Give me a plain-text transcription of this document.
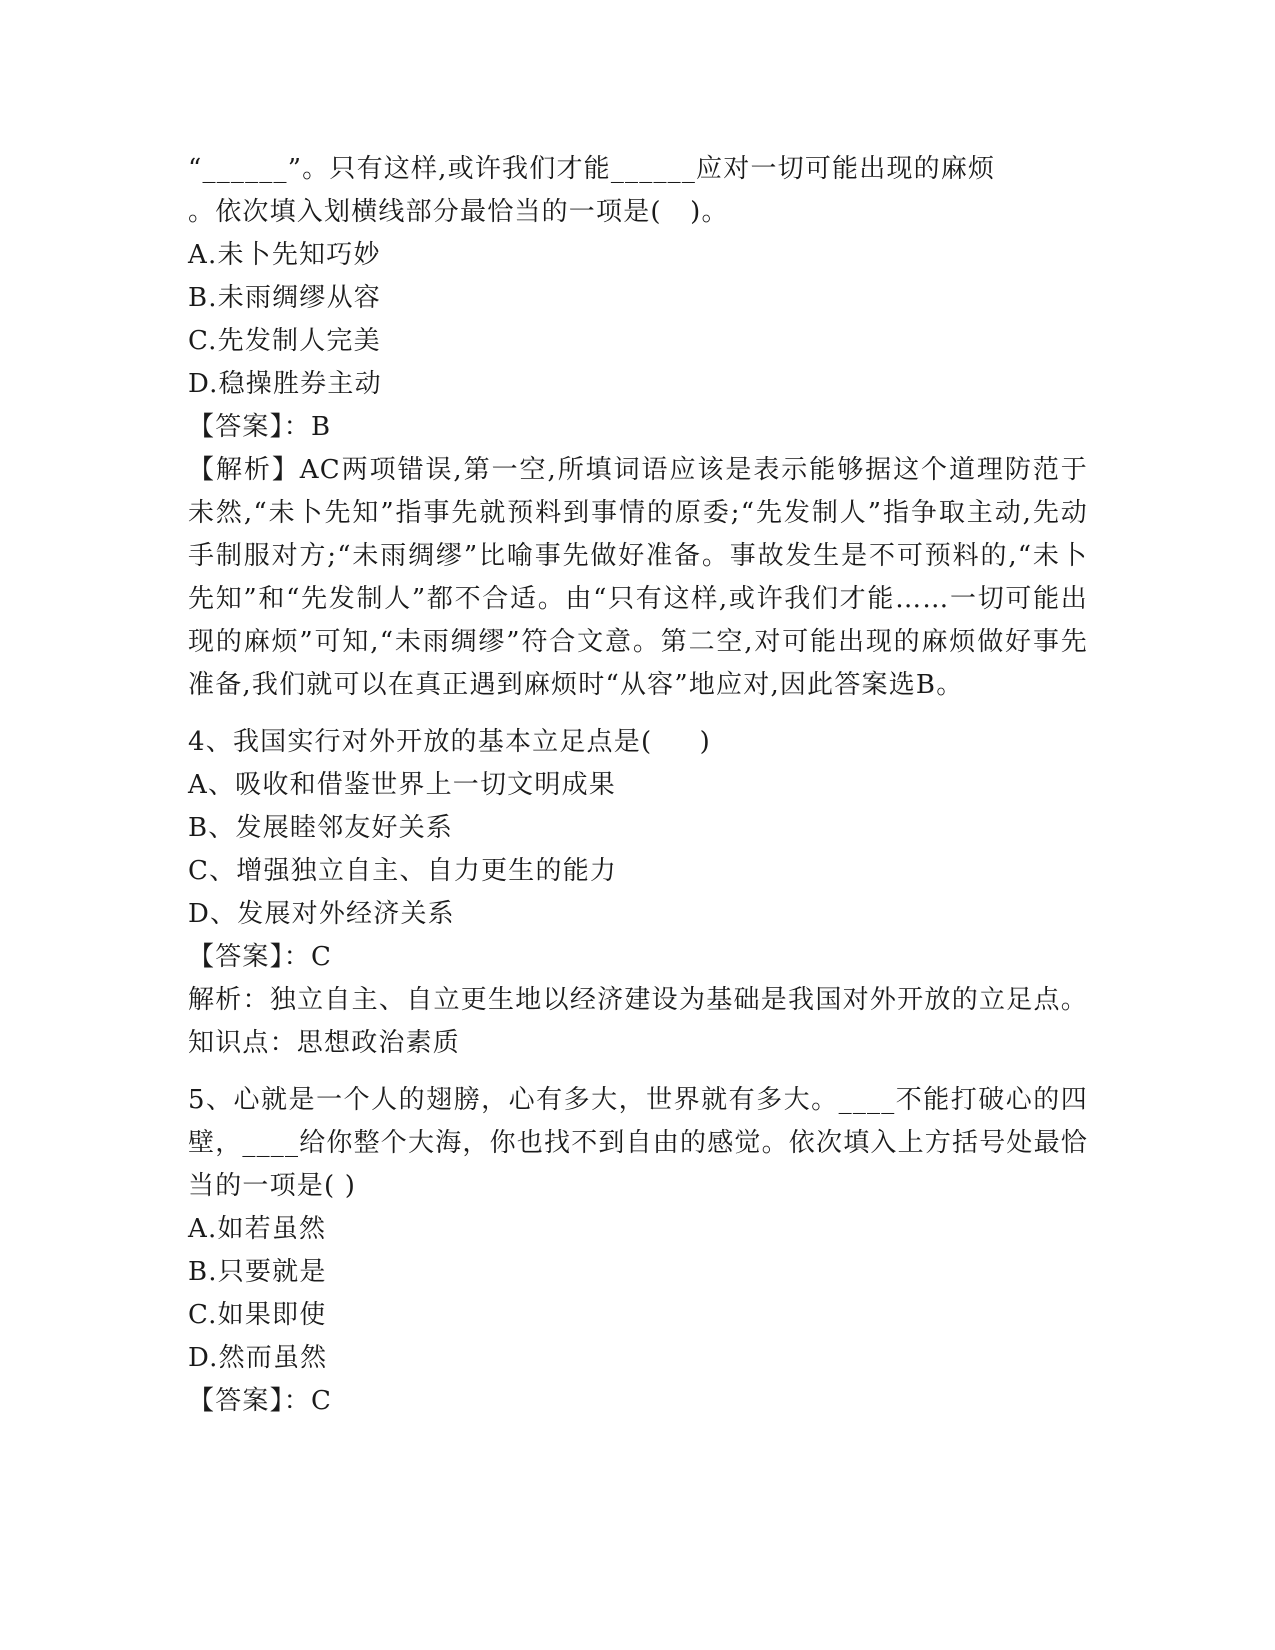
“______”。只有这样,或许我们才能______应对一切可能出现的麻烦

。依次填入划横线部分最恰当的一项是(   )。

A.未卜先知巧妙

B.未雨绸缪从容

C.先发制人完美

D.稳操胜券主动

【答案】：B

【解析】AC两项错误,第一空,所填词语应该是表示能够据这个道理防范于未然,“未卜先知”指事先就预料到事情的原委;“先发制人”指争取主动,先动手制服对方;“未雨绸缪”比喻事先做好准备。事故发生是不可预料的,“未卜先知”和“先发制人”都不合适。由“只有这样,或许我们才能……一切可能出现的麻烦”可知,“未雨绸缪”符合文意。第二空,对可能出现的麻烦做好事先准备,我们就可以在真正遇到麻烦时“从容”地应对,因此答案选B。

4、我国实行对外开放的基本立足点是(     )

A、吸收和借鉴世界上一切文明成果

B、发展睦邻友好关系

C、增强独立自主、自力更生的能力

D、发展对外经济关系

【答案】：C

解析：独立自主、自立更生地以经济建设为基础是我国对外开放的立足点。知识点：思想政治素质

5、心就是一个人的翅膀，心有多大，世界就有多大。____不能打破心的四壁，____给你整个大海，你也找不到自由的感觉。依次填入上方括号处最恰当的一项是( )

A.如若虽然

B.只要就是

C.如果即使

D.然而虽然

【答案】：C
